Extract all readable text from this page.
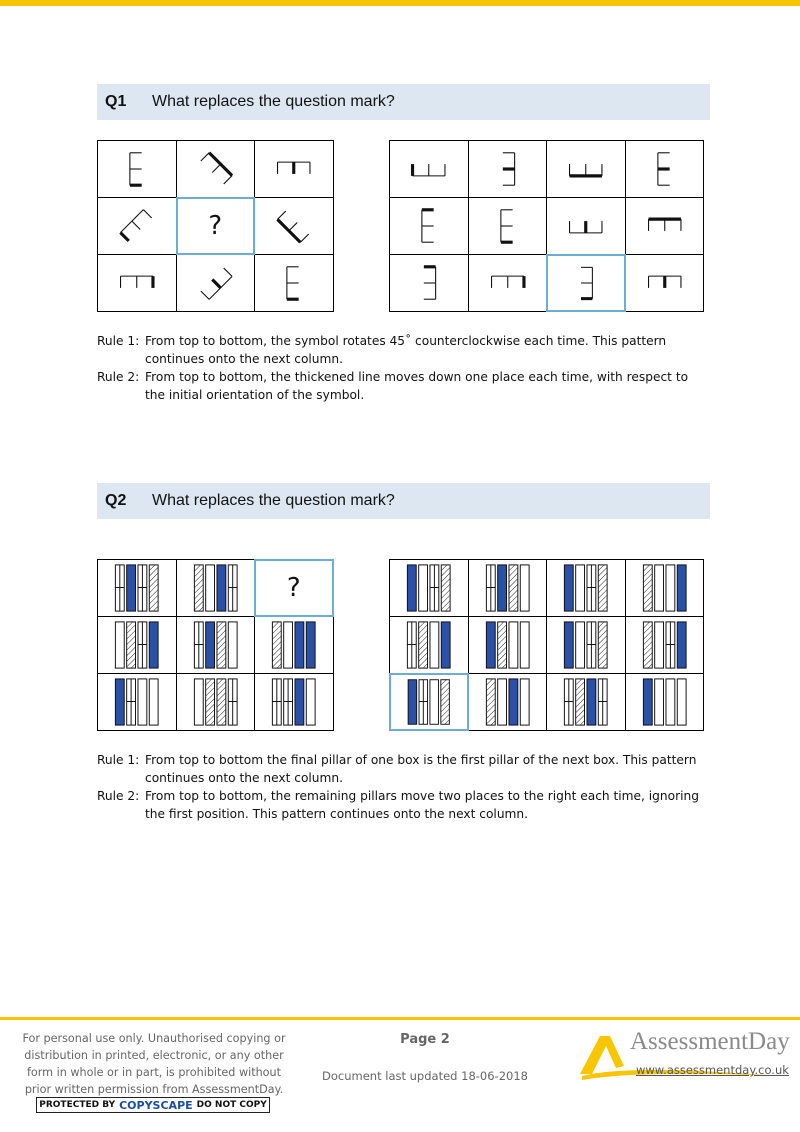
Q1	What replaces the question mark?
?
Rule 1: From top to bottom, the symbol rotates 45˚ counterclockwise each time. This pattern continues onto the next column.
Rule 2: From top to bottom, the thickened line moves down one place each time, with respect to the initial orientation of the symbol.
Q2	What replaces the question mark?
?
Rule 1: From top to bottom the final pillar of one box is the first pillar of the next box. This pattern continues onto the next column.
Rule 2: From top to bottom, the remaining pillars move two places to the right each time, ignoring the first position. This pattern continues onto the next column.
For personal use only. Unauthorised copying or distribution in printed, electronic, or any other form in whole or in part, is prohibited without prior written permission from AssessmentDay.
PROTECTED BY COPYSCAPE DO NOT COPY
Page 2
Document last updated 18-06-2018
AssessmentDay
www.assessmentday.co.uk
